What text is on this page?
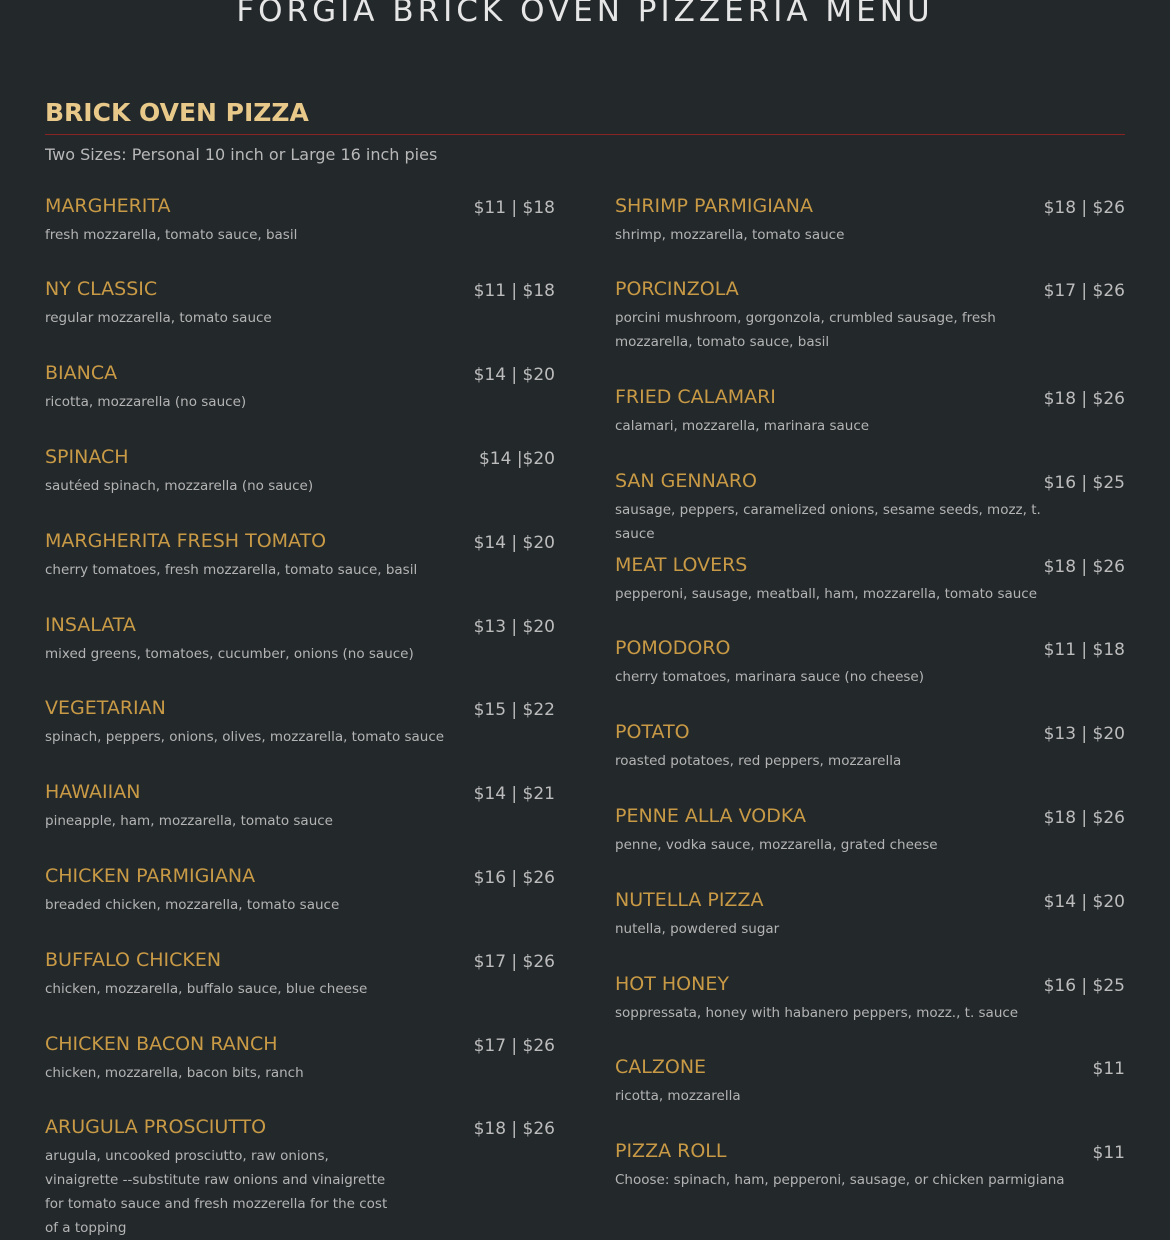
FORGIA BRICK OVEN PIZZERIA MENU
BRICK OVEN PIZZA
Two Sizes: Personal 10 inch or Large 16 inch pies
MARGHERITA	$11 | $18
fresh mozzarella, tomato sauce, basil
NY CLASSIC	$11 | $18
regular mozzarella, tomato sauce
BIANCA	$14 | $20
ricotta, mozzarella (no sauce)
SPINACH	$14 |$20
sautéed spinach, mozzarella (no sauce)
MARGHERITA FRESH TOMATO	$14 | $20
cherry tomatoes, fresh mozzarella, tomato sauce, basil
INSALATA	$13 | $20
mixed greens, tomatoes, cucumber, onions (no sauce)
VEGETARIAN	$15 | $22
spinach, peppers, onions, olives, mozzarella, tomato sauce
HAWAIIAN	$14 | $21
pineapple, ham, mozzarella, tomato sauce
CHICKEN PARMIGIANA	$16 | $26
breaded chicken, mozzarella, tomato sauce
BUFFALO CHICKEN	$17 | $26
chicken, mozzarella, buffalo sauce, blue cheese
CHICKEN BACON RANCH	$17 | $26
chicken, mozzarella, bacon bits, ranch
ARUGULA PROSCIUTTO	$18 | $26
arugula, uncooked prosciutto, raw onions, vinaigrette --substitute raw onions and vinaigrette for tomato sauce and fresh mozzerella for the cost of a topping
SHRIMP PARMIGIANA	$18 | $26
shrimp, mozzarella, tomato sauce
PORCINZOLA	$17 | $26
porcini mushroom, gorgonzola, crumbled sausage, fresh mozzarella, tomato sauce, basil
FRIED CALAMARI	$18 | $26
calamari, mozzarella, marinara sauce
SAN GENNARO	$16 | $25
sausage, peppers, caramelized onions, sesame seeds, mozz, t. sauce
MEAT LOVERS	$18 | $26
pepperoni, sausage, meatball, ham, mozzarella, tomato sauce
POMODORO	$11 | $18
cherry tomatoes, marinara sauce (no cheese)
POTATO	$13 | $20
roasted potatoes, red peppers, mozzarella
PENNE ALLA VODKA	$18 | $26
penne, vodka sauce, mozzarella, grated cheese
NUTELLA PIZZA	$14 | $20
nutella, powdered sugar
HOT HONEY	$16 | $25
soppressata, honey with habanero peppers, mozz., t. sauce
CALZONE	$11
ricotta, mozzarella
PIZZA ROLL	$11
Choose: spinach, ham, pepperoni, sausage, or chicken parmigiana
